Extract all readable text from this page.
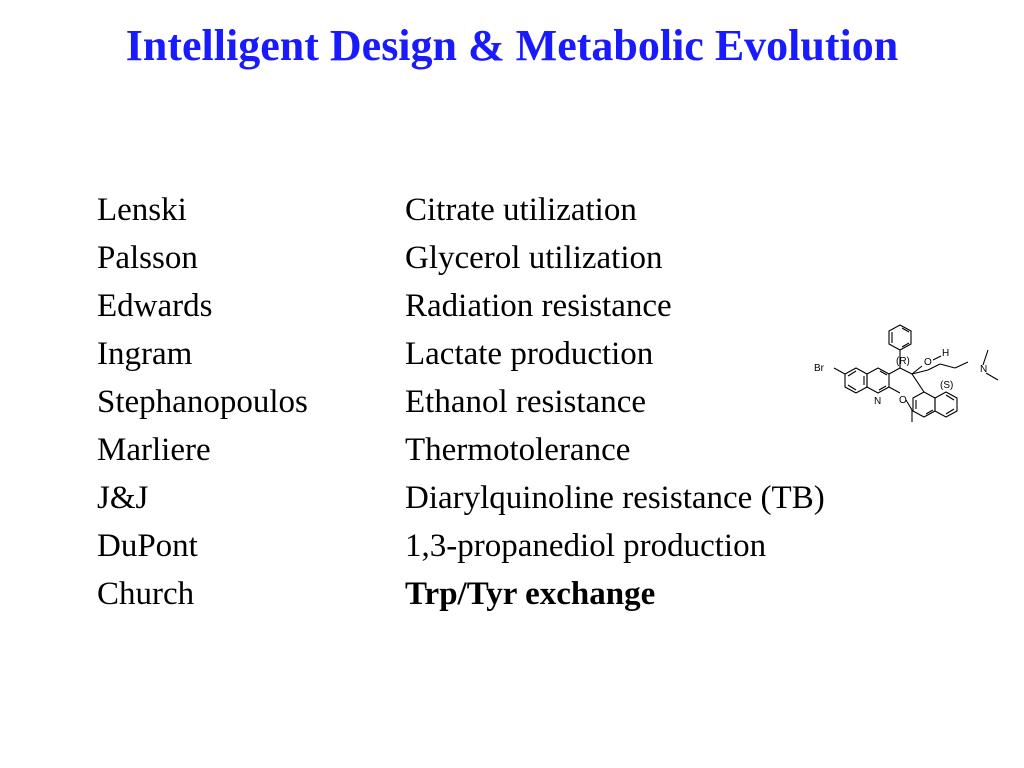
Intelligent Design & Metabolic Evolution
Lenski	Citrate utilization
Palsson	Glycerol utilization
Edwards	Radiation resistance
Ingram	Lactate production
Stephanopoulos	Ethanol resistance
Marliere	Thermotolerance
J&J	Diarylquinoline resistance (TB)
DuPont	1,3-propanediol production
Church	Trp/Tyr exchange
Br
N O
(R)
(S)
O
H
N
